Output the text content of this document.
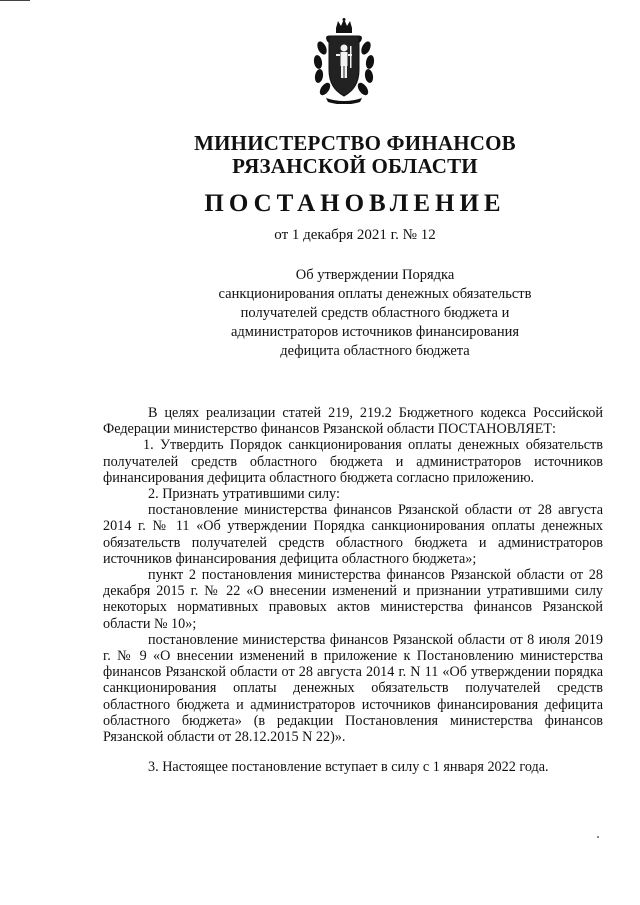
МИНИСТЕРСТВО ФИНАНСОВ
РЯЗАНСКОЙ ОБЛАСТИ
ПОСТАНОВЛЕНИЕ
от 1 декабря 2021 г. № 12
Об утверждении Порядка
санкционирования оплаты денежных обязательств
получателей средств областного бюджета и
администраторов источников финансирования
дефицита областного бюджета

В целях реализации статей 219, 219.2 Бюджетного кодекса Российской Федерации министерство финансов Рязанской области ПОСТАНОВЛЯЕТ:

1. Утвердить Порядок санкционирования оплаты денежных обязательств получателей средств областного бюджета и администраторов источников финансирования дефицита областного бюджета согласно приложению.

2. Признать утратившими силу:

постановление министерства финансов Рязанской области от 28 августа 2014 г. № 11 «Об утверждении Порядка санкционирования оплаты денежных обязательств получателей средств областного бюджета и администраторов источников финансирования дефицита областного бюджета»;

пункт 2 постановления министерства финансов Рязанской области от 28 декабря 2015 г. № 22 «О внесении изменений и признании утратившими силу некоторых нормативных правовых актов министерства финансов Рязанской области № 10»;

постановление министерства финансов Рязанской области от 8 июля 2019 г. № 9 «О внесении изменений в приложение к Постановлению министерства финансов Рязанской области от 28 августа 2014 г. N 11 «Об утверждении порядка санкционирования оплаты денежных обязательств получателей средств областного бюджета и администраторов источников финансирования дефицита областного бюджета» (в редакции Постановления министерства финансов Рязанской области от 28.12.2015 N 22)».

3. Настоящее постановление вступает в силу с 1 января 2022 года.
